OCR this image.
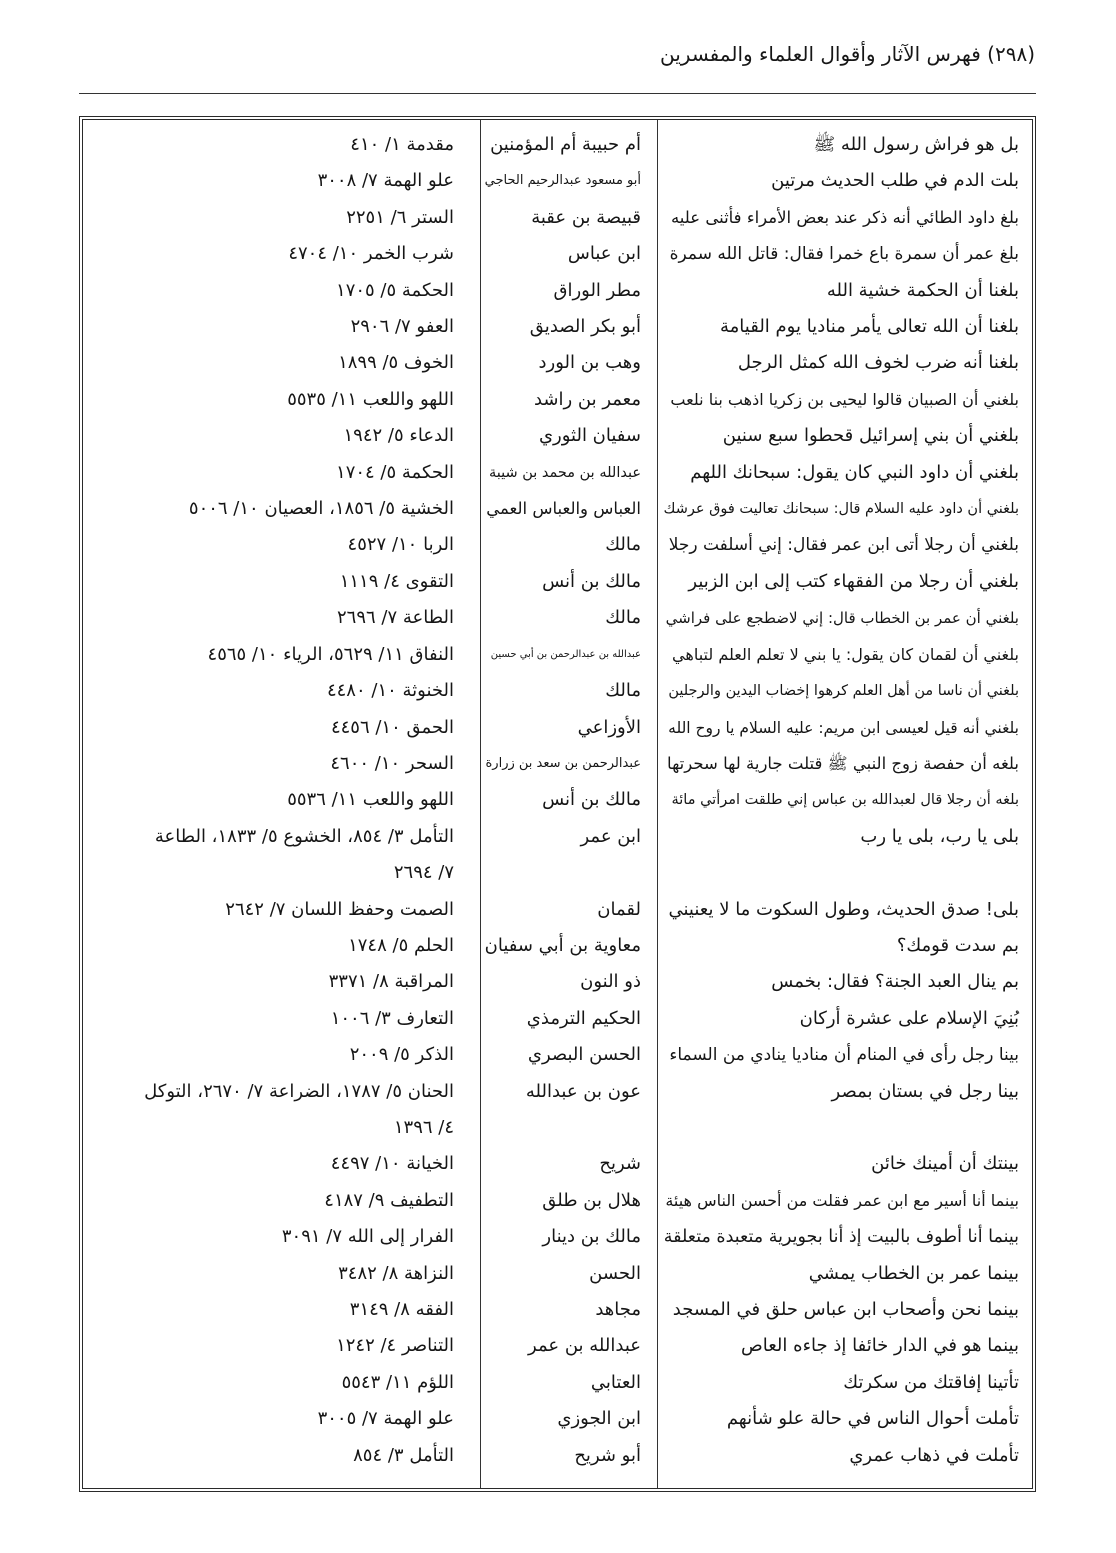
(٢٩٨) فهرس الآثار وأقوال العلماء والمفسرين
بل هو فراش رسول الله ﷺ
أم حبيبة أم المؤمنين
مقدمة ١/ ٤١٠
بلت الدم في طلب الحديث مرتين
أبو مسعود عبدالرحيم الحاجي
علو الهمة ٧/ ٣٠٠٨
بلغ داود الطائي أنه ذكر عند بعض الأمراء فأثنى عليه
قبيصة بن عقبة
الستر ٦/ ٢٢٥١
بلغ عمر أن سمرة باع خمرا فقال: قاتل الله سمرة
ابن عباس
شرب الخمر ١٠/ ٤٧٠٤
بلغنا أن الحكمة خشية الله
مطر الوراق
الحكمة ٥/ ١٧٠٥
بلغنا أن الله تعالى يأمر مناديا يوم القيامة
أبو بكر الصديق
العفو ٧/ ٢٩٠٦
بلغنا أنه ضرب لخوف الله كمثل الرجل
وهب بن الورد
الخوف ٥/ ١٨٩٩
بلغني أن الصبيان قالوا ليحيى بن زكريا اذهب بنا نلعب
معمر بن راشد
اللهو واللعب ١١/ ٥٥٣٥
بلغني أن بني إسرائيل قحطوا سبع سنين
سفيان الثوري
الدعاء ٥/ ١٩٤٢
بلغني أن داود النبي كان يقول: سبحانك اللهم
عبدالله بن محمد بن شيبة
الحكمة ٥/ ١٧٠٤
بلغني أن داود عليه السلام قال: سبحانك تعاليت فوق عرشك
العباس والعباس العمي
الخشية ٥/ ١٨٥٦، العصيان ١٠/ ٥٠٠٦
بلغني أن رجلا أتى ابن عمر فقال: إني أسلفت رجلا
مالك
الربا ١٠/ ٤٥٢٧
بلغني أن رجلا من الفقهاء كتب إلى ابن الزبير
مالك بن أنس
التقوى ٤/ ١١١٩
بلغني أن عمر بن الخطاب قال: إني لاضطجع على فراشي
مالك
الطاعة ٧/ ٢٦٩٦
بلغني أن لقمان كان يقول: يا بني لا تعلم العلم لتباهي
عبدالله بن عبدالرحمن بن أبي حسين
النفاق ١١/ ٥٦٢٩، الرياء ١٠/ ٤٥٦٥
بلغني أن ناسا من أهل العلم كرهوا إخضاب اليدين والرجلين
مالك
الخنوثة ١٠/ ٤٤٨٠
بلغني أنه قيل لعيسى ابن مريم: عليه السلام يا روح الله
الأوزاعي
الحمق ١٠/ ٤٤٥٦
بلغه أن حفصة زوج النبي ﷺ قتلت جارية لها سحرتها
عبدالرحمن بن سعد بن زرارة
السحر ١٠/ ٤٦٠٠
بلغه أن رجلا قال لعبدالله بن عباس إني طلقت امرأتي مائة
مالك بن أنس
اللهو واللعب ١١/ ٥٥٣٦
بلى يا رب، بلى يا رب
ابن عمر
التأمل ٣/ ٨٥٤، الخشوع ٥/ ١٨٣٣، الطاعة
٧/ ٢٦٩٤
بلى! صدق الحديث، وطول السكوت ما لا يعنيني
لقمان
الصمت وحفظ اللسان ٧/ ٢٦٤٢
بم سدت قومك؟
معاوية بن أبي سفيان
الحلم ٥/ ١٧٤٨
بم ينال العبد الجنة؟ فقال: بخمس
ذو النون
المراقبة ٨/ ٣٣٧١
بُنِيَ الإسلام على عشرة أركان
الحكيم الترمذي
التعارف ٣/ ١٠٠٦
بينا رجل رأى في المنام أن مناديا ينادي من السماء
الحسن البصري
الذكر ٥/ ٢٠٠٩
بينا رجل في بستان بمصر
عون بن عبدالله
الحنان ٥/ ١٧٨٧، الضراعة ٧/ ٢٦٧٠، التوكل
٤/ ١٣٩٦
بينتك أن أمينك خائن
شريح
الخيانة ١٠/ ٤٤٩٧
بينما أنا أسير مع ابن عمر فقلت من أحسن الناس هيئة
هلال بن طلق
التطفيف ٩/ ٤١٨٧
بينما أنا أطوف بالبيت إذ أنا بجويرية متعبدة متعلقة
مالك بن دينار
الفرار إلى الله ٧/ ٣٠٩١
بينما عمر بن الخطاب يمشي
الحسن
النزاهة ٨/ ٣٤٨٢
بينما نحن وأصحاب ابن عباس حلق في المسجد
مجاهد
الفقه ٨/ ٣١٤٩
بينما هو في الدار خائفا إذ جاءه العاص
عبدالله بن عمر
التناصر ٤/ ١٢٤٢
تأتينا إفاقتك من سكرتك
العتابي
اللؤم ١١/ ٥٥٤٣
تأملت أحوال الناس في حالة علو شأنهم
ابن الجوزي
علو الهمة ٧/ ٣٠٠٥
تأملت في ذهاب عمري
أبو شريح
التأمل ٣/ ٨٥٤
